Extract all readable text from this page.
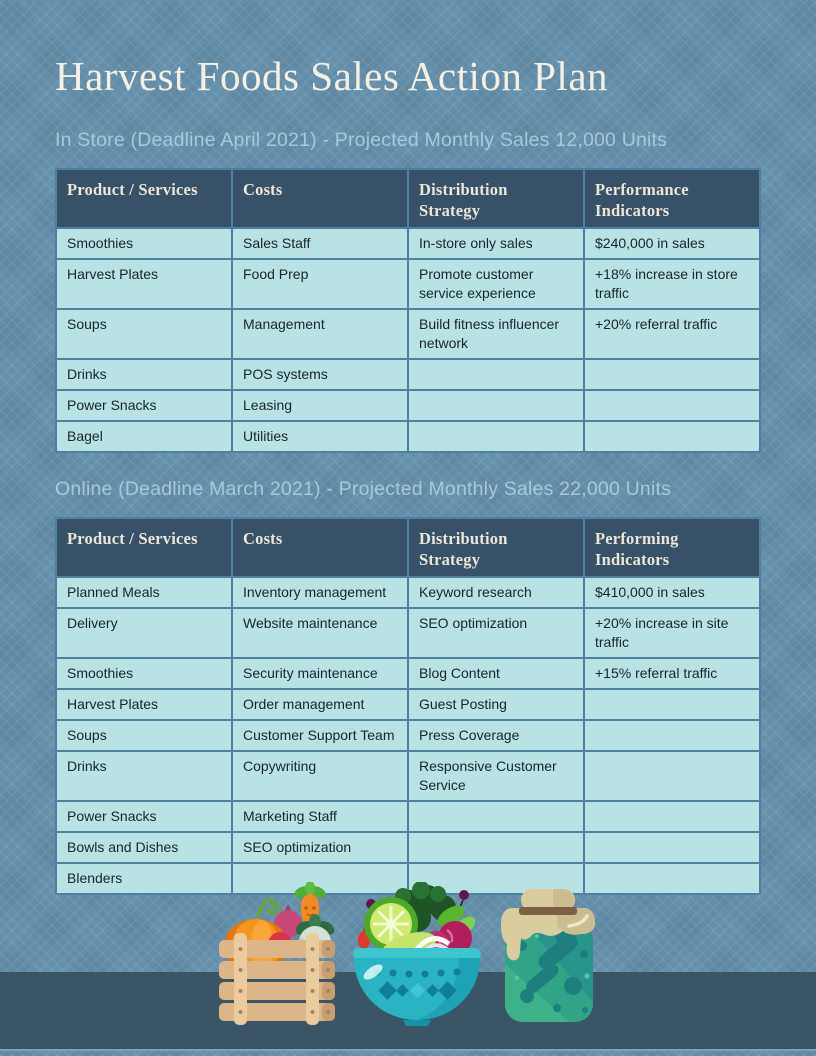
Harvest Foods Sales Action Plan
In Store (Deadline April 2021) - Projected Monthly Sales 12,000 Units
Product / Services	Costs	Distribution Strategy	Performance Indicators
Smoothies	Sales Staff	In-store only sales	$240,000 in sales
Harvest Plates	Food Prep	Promote customer service experience	+18% increase in store traffic
Soups	Management	Build fitness influencer network	+20% referral traffic
Drinks	POS systems		
Power Snacks	Leasing		
Bagel	Utilities		
Online (Deadline March 2021) - Projected Monthly Sales 22,000 Units
Product / Services	Costs	Distribution Strategy	Performing Indicators
Planned Meals	Inventory management	Keyword research	$410,000 in sales
Delivery	Website maintenance	SEO optimization	+20% increase in site traffic
Smoothies	Security maintenance	Blog Content	+15% referral traffic
Harvest Plates	Order management	Guest Posting	
Soups	Customer Support Team	Press Coverage	
Drinks	Copywriting	Responsive Customer Service	
Power Snacks	Marketing Staff		
Bowls and Dishes	SEO optimization		
Blenders			
